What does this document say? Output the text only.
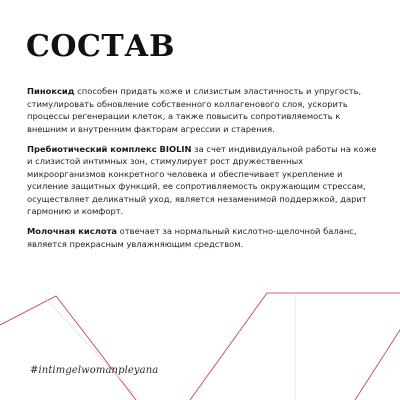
СОСТАВ

Пиноксид способен придать коже и слизистым эластичность и упругость, стимулировать обновление собственного коллагенового слоя, ускорить процессы регенерации клеток, а также повысить сопротивляемость к внешним и внутренним факторам агрессии и старения.

Пребиотический комплекс BIOLIN за счет индивидуальной работы на коже и слизистой интимных зон, стимулирует рост дружественных микроорганизмов конкретного человека и обеспечивает укрепление и усиление защитных функций, ее сопротивляемость окружающим стрессам, осуществляет деликатный уход, является незаменимой поддержкой, дарит гармонию и комфорт.

Молочная кислота отвечает за нормальный кислотно-щелочной баланс, является прекрасным увлажняющим средством.

#intimgelwomanpleyana
